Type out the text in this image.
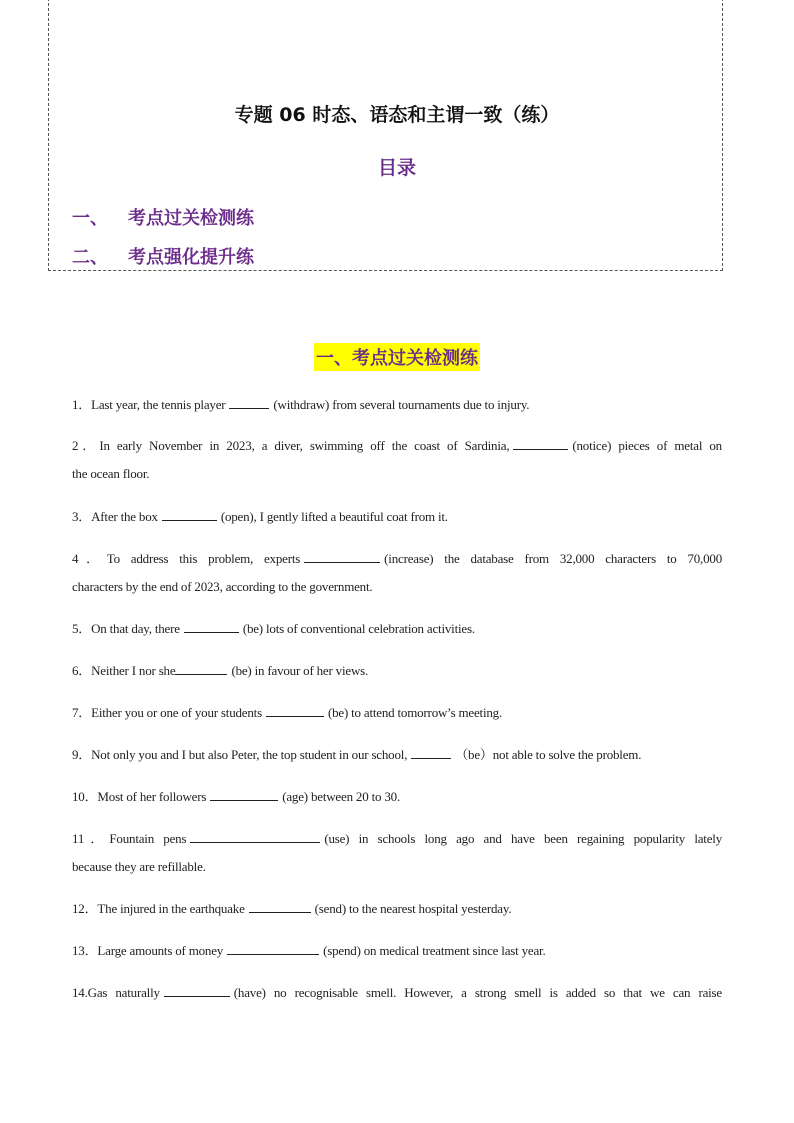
专题 06 时态、语态和主谓一致（练）
目录
一、 考点过关检测练
二、 考点强化提升练
一、考点过关检测练
1．Last year, the tennis player	(withdraw) from several tournaments due to injury.
2．In early November in 2023, a diver, swimming off the coast of Sardinia,	(notice) pieces of metal on
the ocean floor.
3．After the box	(open), I gently lifted a beautiful coat from it.
4．To address this problem, experts	(increase) the database from 32,000 characters to 70,000
characters by the end of 2023, according to the government.
5．On that day, there	(be) lots of conventional celebration activities.
6．Neither I nor she	(be) in favour of her views.
7．Either you or one of your students	(be) to attend tomorrow’s meeting.
9．Not only you and I but also Peter, the top student in our school,	（be）not able to solve the problem.
10．Most of her followers	(age) between 20 to 30.
11．Fountain pens	(use) in schools long ago and have been regaining popularity lately
because they are refillable.
12．The injured in the earthquake	(send) to the nearest hospital yesterday.
13．Large amounts of money	(spend) on medical treatment since last year.
14.Gas naturally	(have) no recognisable smell. However, a strong smell is added so that we can raise
